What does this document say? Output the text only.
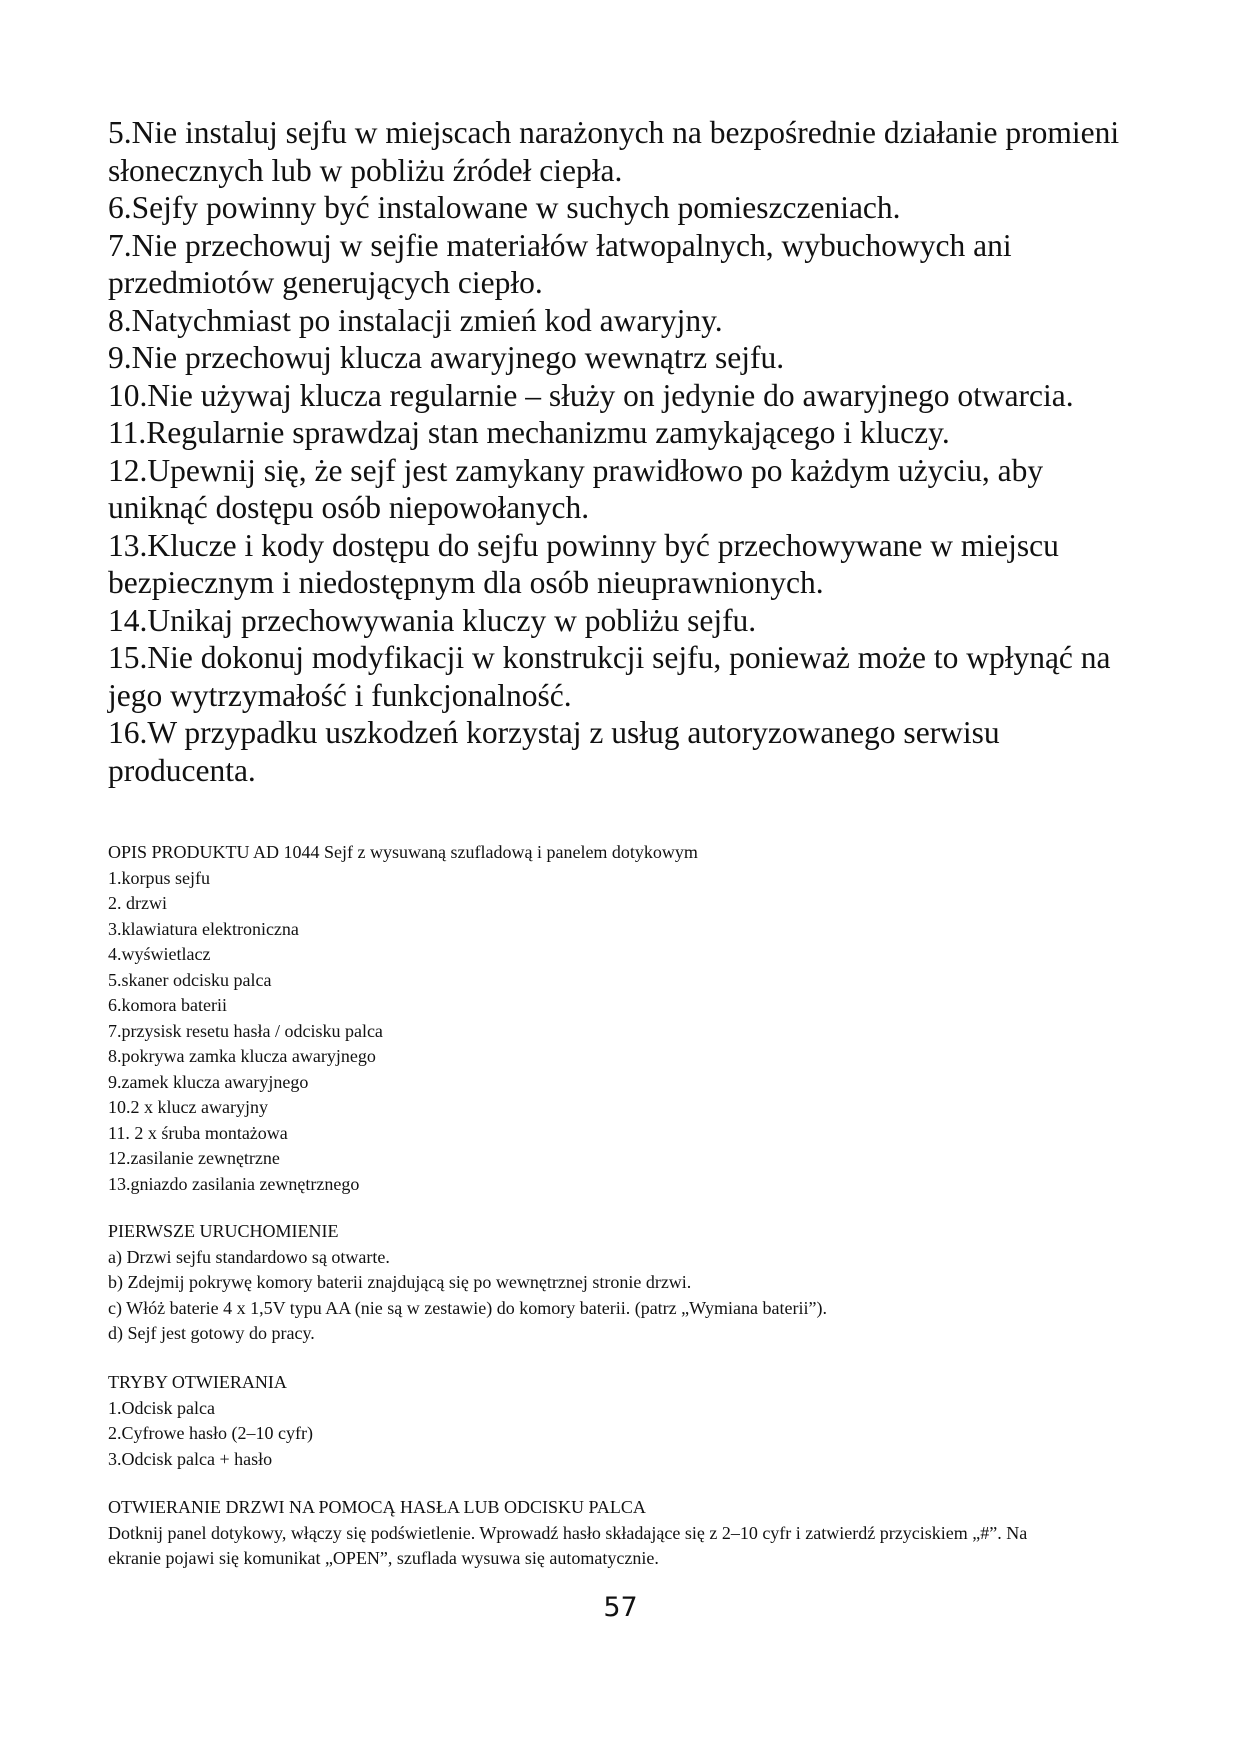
5.Nie instaluj sejfu w miejscach narażonych na bezpośrednie działanie promieni słonecznych lub w pobliżu źródeł ciepła.

6.Sejfy powinny być instalowane w suchych pomieszczeniach.

7.Nie przechowuj w sejfie materiałów łatwopalnych, wybuchowych ani przedmiotów generujących ciepło.

8.Natychmiast po instalacji zmień kod awaryjny.

9.Nie przechowuj klucza awaryjnego wewnątrz sejfu.

10.Nie używaj klucza regularnie – służy on jedynie do awaryjnego otwarcia.

11.Regularnie sprawdzaj stan mechanizmu zamykającego i kluczy.

12.Upewnij się, że sejf jest zamykany prawidłowo po każdym użyciu, aby uniknąć dostępu osób niepowołanych.

13.Klucze i kody dostępu do sejfu powinny być przechowywane w miejscu bezpiecznym i niedostępnym dla osób nieuprawnionych.

14.Unikaj przechowywania kluczy w pobliżu sejfu.

15.Nie dokonuj modyfikacji w konstrukcji sejfu, ponieważ może to wpłynąć na jego wytrzymałość i funkcjonalność.

16.W przypadku uszkodzeń korzystaj z usług autoryzowanego serwisu producenta.

OPIS PRODUKTU AD 1044 Sejf z wysuwaną szufladową i panelem dotykowym

1.korpus sejfu

2. drzwi

3.klawiatura elektroniczna

4.wyświetlacz

5.skaner odcisku palca

6.komora baterii

7.przysisk resetu hasła / odcisku palca

8.pokrywa zamka klucza awaryjnego

9.zamek klucza awaryjnego

10.2 x klucz awaryjny

11. 2 x śruba montażowa

12.zasilanie zewnętrzne

13.gniazdo zasilania zewnętrznego

PIERWSZE URUCHOMIENIE

a) Drzwi sejfu standardowo są otwarte.

b) Zdejmij pokrywę komory baterii znajdującą się po wewnętrznej stronie drzwi.

c) Włóż baterie 4 x 1,5V typu AA (nie są w zestawie) do komory baterii. (patrz „Wymiana baterii”).

d) Sejf jest gotowy do pracy.

TRYBY OTWIERANIA

1.Odcisk palca

2.Cyfrowe hasło (2–10 cyfr)

3.Odcisk palca + hasło

OTWIERANIE DRZWI NA POMOCĄ HASŁA LUB ODCISKU PALCA

Dotknij panel dotykowy, włączy się podświetlenie. Wprowadź hasło składające się z 2–10 cyfr i zatwierdź przyciskiem „#”. Na ekranie pojawi się komunikat „OPEN”, szuflada wysuwa się automatycznie.

57
